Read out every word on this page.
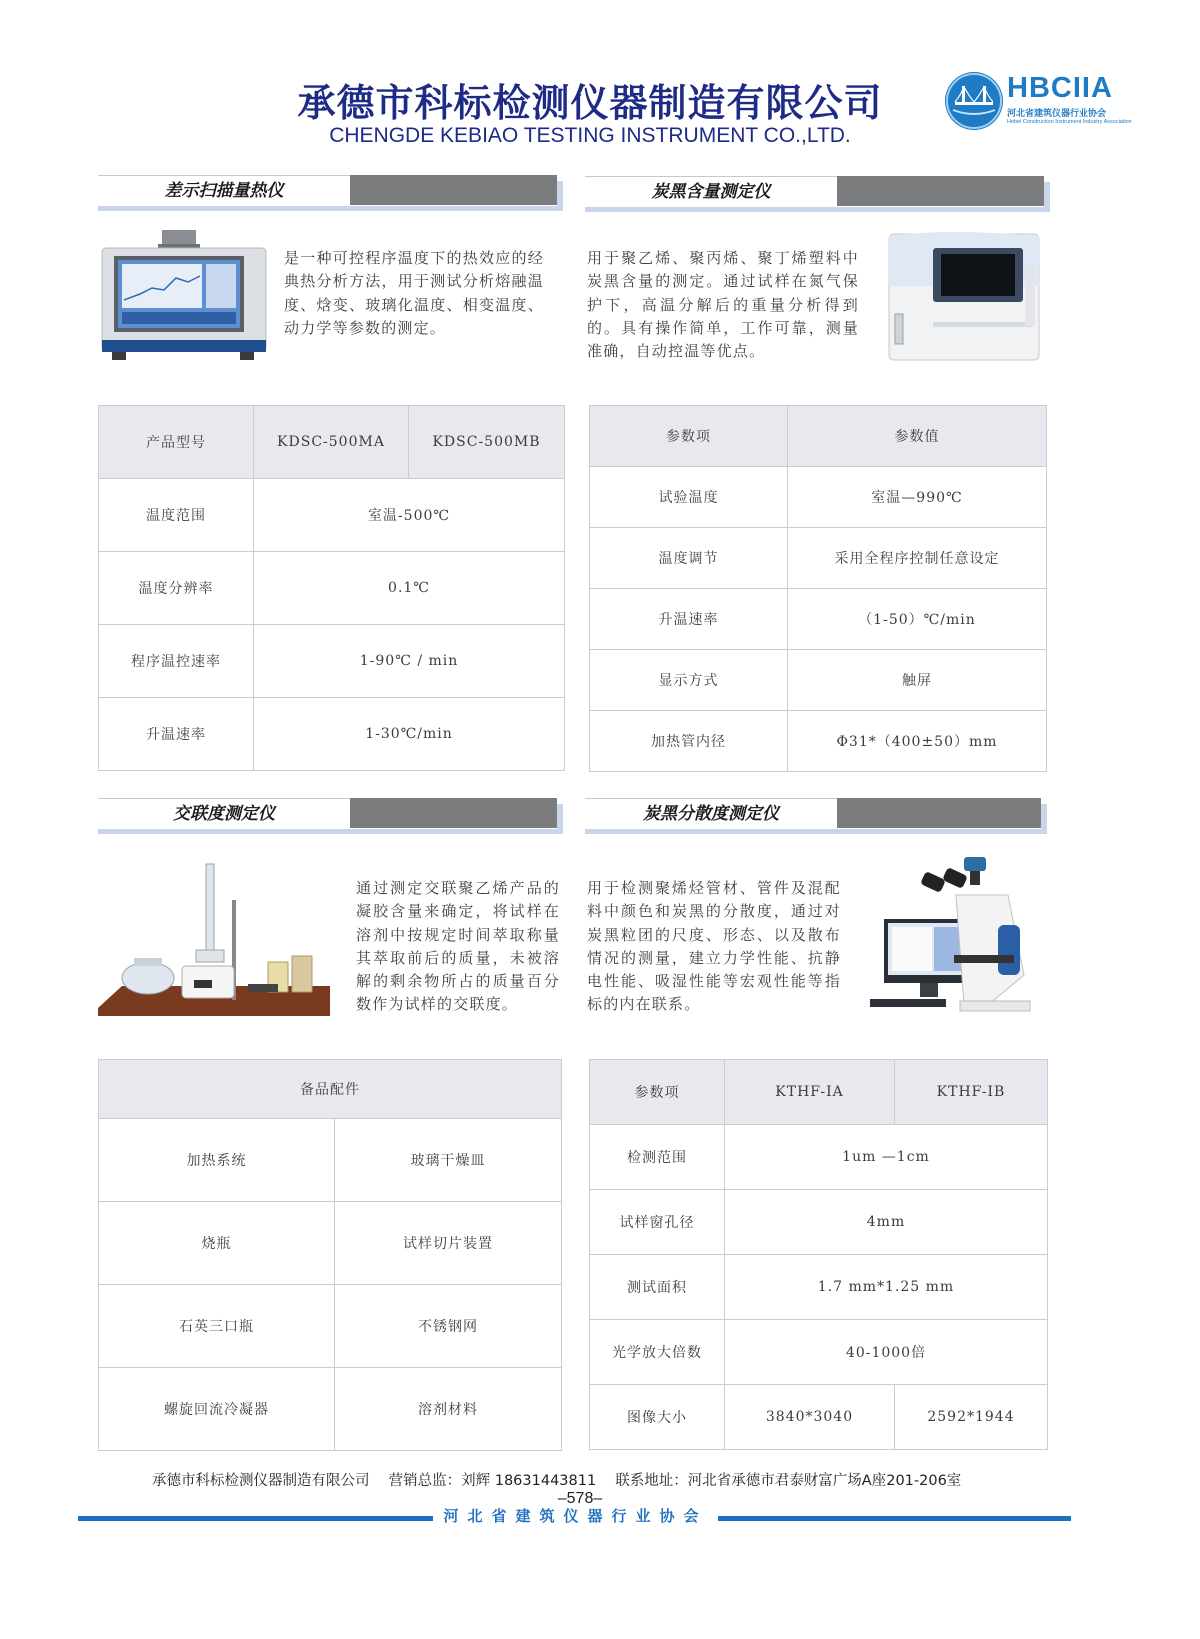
承德市科标检测仪器制造有限公司
CHENGDE KEBIAO TESTING INSTRUMENT CO.,LTD.
HBCIIA
河北省建筑仪器行业协会
Hebei Construction Instrument Industry Association
差示扫描量热仪
是一种可控程序温度下的热效应的经典热分析方法，用于测试分析熔融温度、焓变、玻璃化温度、相变温度、动力学等参数的测定。
炭黑含量测定仪
用于聚乙烯、聚丙烯、聚丁烯塑料中炭黑含量的测定。通过试样在氮气保护下，高温分解后的重量分析得到的。具有操作简单，工作可靠，测量准确，自动控温等优点。
产品型号	KDSC-500MA	KDSC-500MB
温度范围	室温-500℃	
温度分辨率	0.1℃	
程序温控速率	1-90℃ / min	
升温速率	1-30℃/min	
参数项	参数值
试验温度	室温—990℃
温度调节	采用全程序控制任意设定
升温速率	（1-50）℃/min
显示方式	触屏
加热管内径	Φ31*（400±50）mm
交联度测定仪
通过测定交联聚乙烯产品的凝胶含量来确定，将试样在溶剂中按规定时间萃取称量其萃取前后的质量，未被溶解的剩余物所占的质量百分数作为试样的交联度。
炭黑分散度测定仪
用于检测聚烯烃管材、管件及混配料中颜色和炭黑的分散度，通过对炭黑粒团的尺度、形态、以及散布情况的测量，建立力学性能、抗静电性能、吸湿性能等宏观性能等指标的内在联系。
备品配件	
加热系统	玻璃干燥皿
烧瓶	试样切片装置
石英三口瓶	不锈钢网
螺旋回流冷凝器	溶剂材料
参数项	KTHF-IA	KTHF-IB
检测范围	1um —1cm	
试样窗孔径	4mm	
测试面积	1.7 mm*1.25 mm	
光学放大倍数	40-1000倍	
图像大小	3840*3040	2592*1944
承德市科标检测仪器制造有限公司　 营销总监：刘辉 18631443811　 联系地址：河北省承德市君泰财富广场A座201-206室
–578–
河北省建筑仪器行业协会
